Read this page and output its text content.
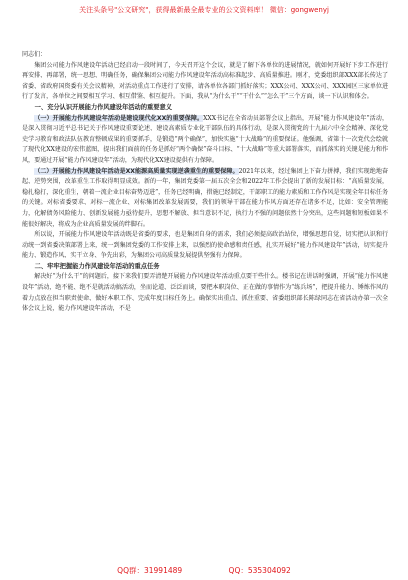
关注头条号"公文研究"，获得最新最全最专业的公文资料库！ 微信：gongwenyj

同志们：

集团公司能力作风建设年活动已经启动一段时间了，今天召开这个会议，就是了解下各单位的进展情况，就如何开展好下步工作进行再安排、再部署，统一思想、明确任务，确保集团公司能力作风建设年活动高标准起步、高质量推进。刚才，党委组织部XXX部长传达了省委、省政府国资委有关会议精神，对活动重点工作进行了安排，请各单位各部门抓好落实；XXX公司、XXX公司、XXX园区三家单位进行了发言，各单位之间要相互学习、相互借鉴、相互提升。下面，我从“为什么干”“干什么”“怎么干”三个方面，谈一下认识和体会。

一、充分认识开展能力作风建设年活动的重要意义

（一）开展能力作风建设年活动是建设现代化XX的重要保障。XXX书记在全省动员部署会议上指出，开展“能力作风建设年”活动，是深入贯彻习近平总书记关于作风建设重要论述、建设高素质专业化干部队伍的具体行动，是深入贯彻党的十九届六中全会精神、深化党史学习教育和政法队伍教育整顿成果的重要抓手，是锻造“两个确保”，加快实施“十大战略”的重要保证。他强调，省第十一次党代会绘就了现代化XX建设的宏伟蓝图，提出我们面前的任务是抓好“两个确保”奋斗目标、“十大战略”等重大部署落实，而抓落实的关键是能力和作风，要通过开展“能力作风建设年”活动，为现代化XX建设提供有力保障。

（二）开展能力作风建设年活动是XX能源高质量实现逆袭重生的重要保障。2021年以来，经过集团上下奋力拼搏，我们实现绝地奋起、逆势突围，改革重生工作取得明显成效。新的一年，集团党委第一届五次全会和2022年工作会提出了新的发展目标：“高质量发展，稳扎稳打，深化重生，朝着一流企业目标奋势迈进”，任务已经明确，措施已经制定，干部职工的能力素质和工作作风是实现全年目标任务的关键。对标省委要求、对标一流企业、对标集团改革发展需要，我们的领导干部在能力作风方面还存在诸多不足，比如：安全管理能力，化解债务风险能力、创新发展能力亟待提升，思想不解放、担当意识不足，执行力不强的问题依然十分突出，这些问题和短板如果不能很好解决，将成为企业高质量发展的绊脚石。

所以说，开展能力作风建设年活动既是省委的要求，也是集团自身的需求，我们必须提高政治站位，增强思想自觉，切实把认识和行动统一到省委决策部署上来，统一到集团党委的工作安排上来，以强烈的使命感和责任感，扎实开展好“能力作风建设年”活动，切实提升能力、锻造作风、实干立身、争先出彩，为集团公司高质量发展提供坚强有力保障。

二、牢牢把握能力作风建设年活动的重点任务

解决好“为什么干”的问题后，接下来我们要弄清楚开展能力作风建设年活动重点要干些什么。楼书记在讲话时强调，开展“能力作风建设年”活动，绝不能、绝不是就活动搞活动，坐而论道、泛泛而谈，要把本职岗位、正在做的事情作为“练兵场”，把提升能力、锤炼作风的着力点放在担当职责使命、做好本职工作、完成年度目标任务上。确保实出重点、抓住重要、省委组织部长陈绿同志在省活动办第一次全体会议上说，能力作风建设年活动，不是

QQ群：31991489	QQ：535304092
